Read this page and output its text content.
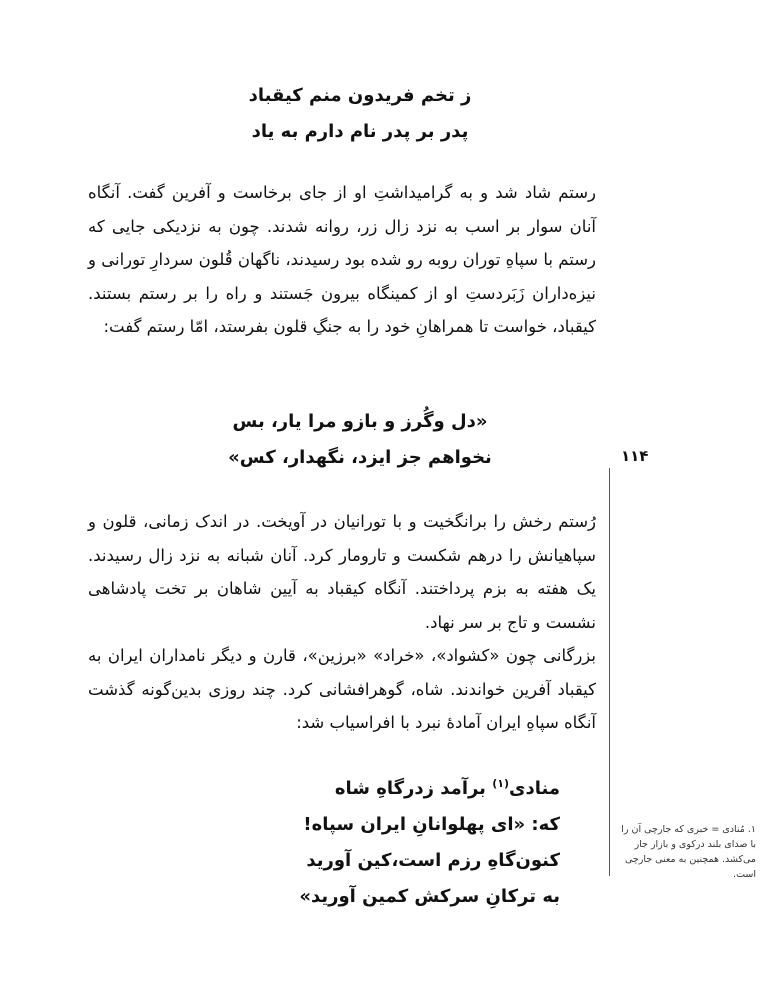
ز تخم فریدون منم کیقباد
پدر بر پدر نام دارم به یاد

رستم شاد شد و به گرامیداشتِ او از جای برخاست و آفرین گفت. آنگاه آنان سوار بر اسب به نزد زال زر، روانه شدند. چون به نزدیکی جایی که رستم با سپاهِ توران روبه رو شده بود رسیدند، ناگهان قُلون سردارِ تورانی و نیزه‌داران زَبَردستِ او از کمینگاه بیرون جَستند و راه را بر رستم بستند. کیقباد، خواست تا همراهانِ خود را به جنگِ قلون بفرستد، امّا رستم گفت:

«دل وگُرز و بازو مرا یار، بس
نخواهم جز ایزد، نگهدار، کس»	۱۱۴

رُستم رخش را برانگخیت و با تورانیان در آویخت. در اندک زمانی، قلون و سپاهیانش را درهم شکست و تارومار کرد. آنان شبانه به نزد زال رسیدند. یک هفته به بزم پرداختند. آنگاه کیقباد به آیین شاهان بر تخت پادشاهی نشست و تاج بر سر نهاد.

بزرگانی چون «کشواد»، «خراد» «برزین»، قارن و دیگر نامداران ایران به کیقباد آفرین خواندند. شاه، گوهرافشانی کرد. چند روزی بدین‌گونه گذشت آنگاه سپاهِ ایران آمادهٔ نبرد با افراسیاب شد:

منادی$^{(۱)}$ برآمد زدرگاهِ شاه
که: «ای پهلوانانِ ایران سپاه!
کنون‌گاهِ رزم است،کین آورید
به ترکانِ سرکش کمین آورید»
۱. مُنادی = خبری که جارچی آن را با صدای بلند درکوی و بازار جار می‌کشد. همچنین به معنی جارچی است.
